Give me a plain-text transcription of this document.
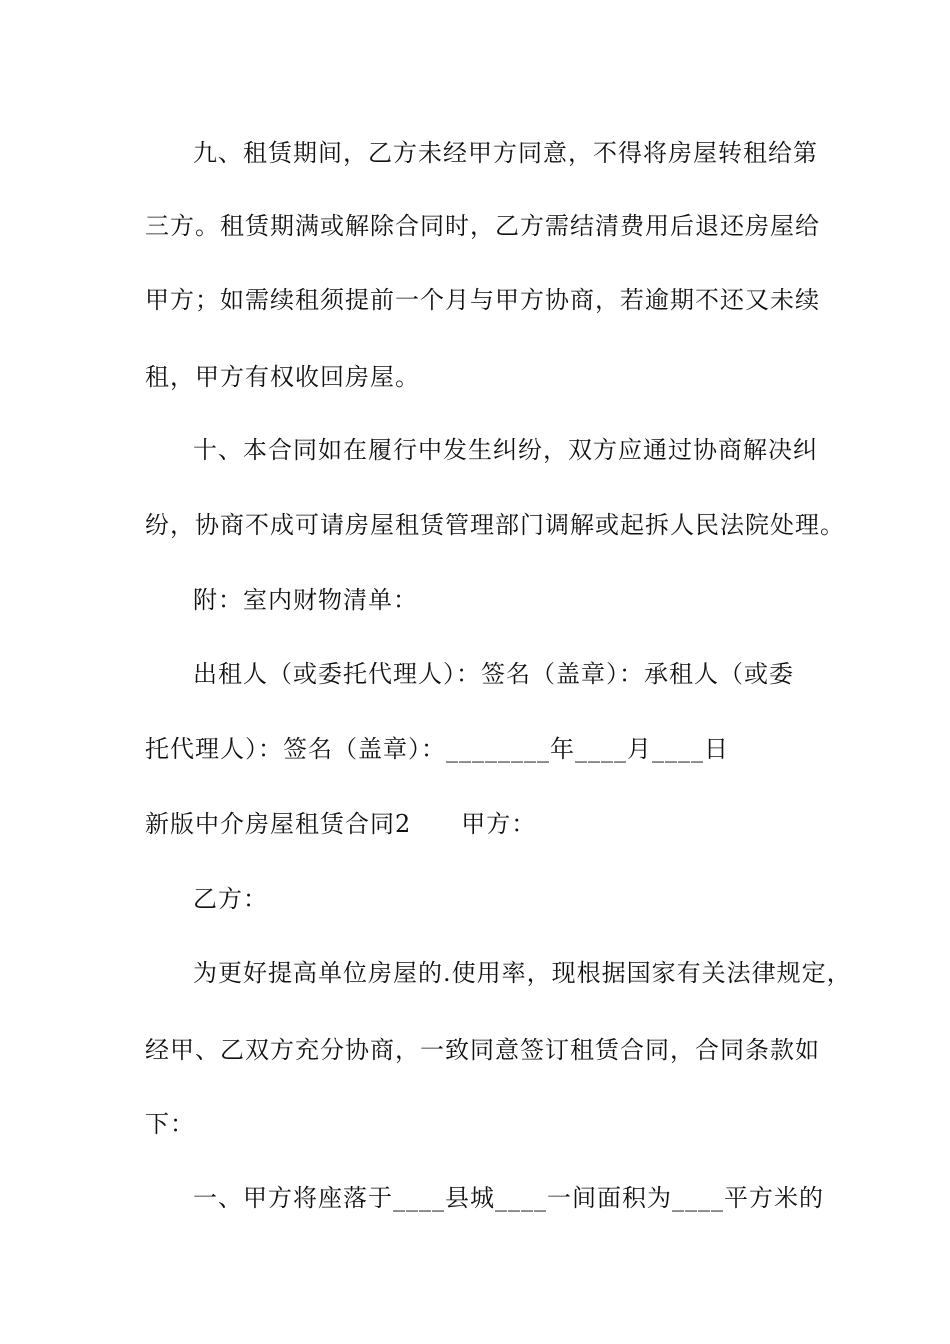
九、租赁期间，乙方未经甲方同意，不得将房屋转租给第
三方。租赁期满或解除合同时，乙方需结清费用后退还房屋给
甲方；如需续租须提前一个月与甲方协商，若逾期不还又未续
租，甲方有权收回房屋。
十、本合同如在履行中发生纠纷，双方应通过协商解决纠
纷，协商不成可请房屋租赁管理部门调解或起拆人民法院处理。
附：室内财物清单：
出租人（或委托代理人）：签名（盖章）：承租人（或委
托代理人）：签名（盖章）：________年____月____日
新版中介房屋租赁合同2　　甲方：
乙方：
为更好提高单位房屋的.使用率，现根据国家有关法律规定，
经甲、乙双方充分协商，一致同意签订租赁合同，合同条款如
下：
一、甲方将座落于____县城____一间面积为____平方米的
